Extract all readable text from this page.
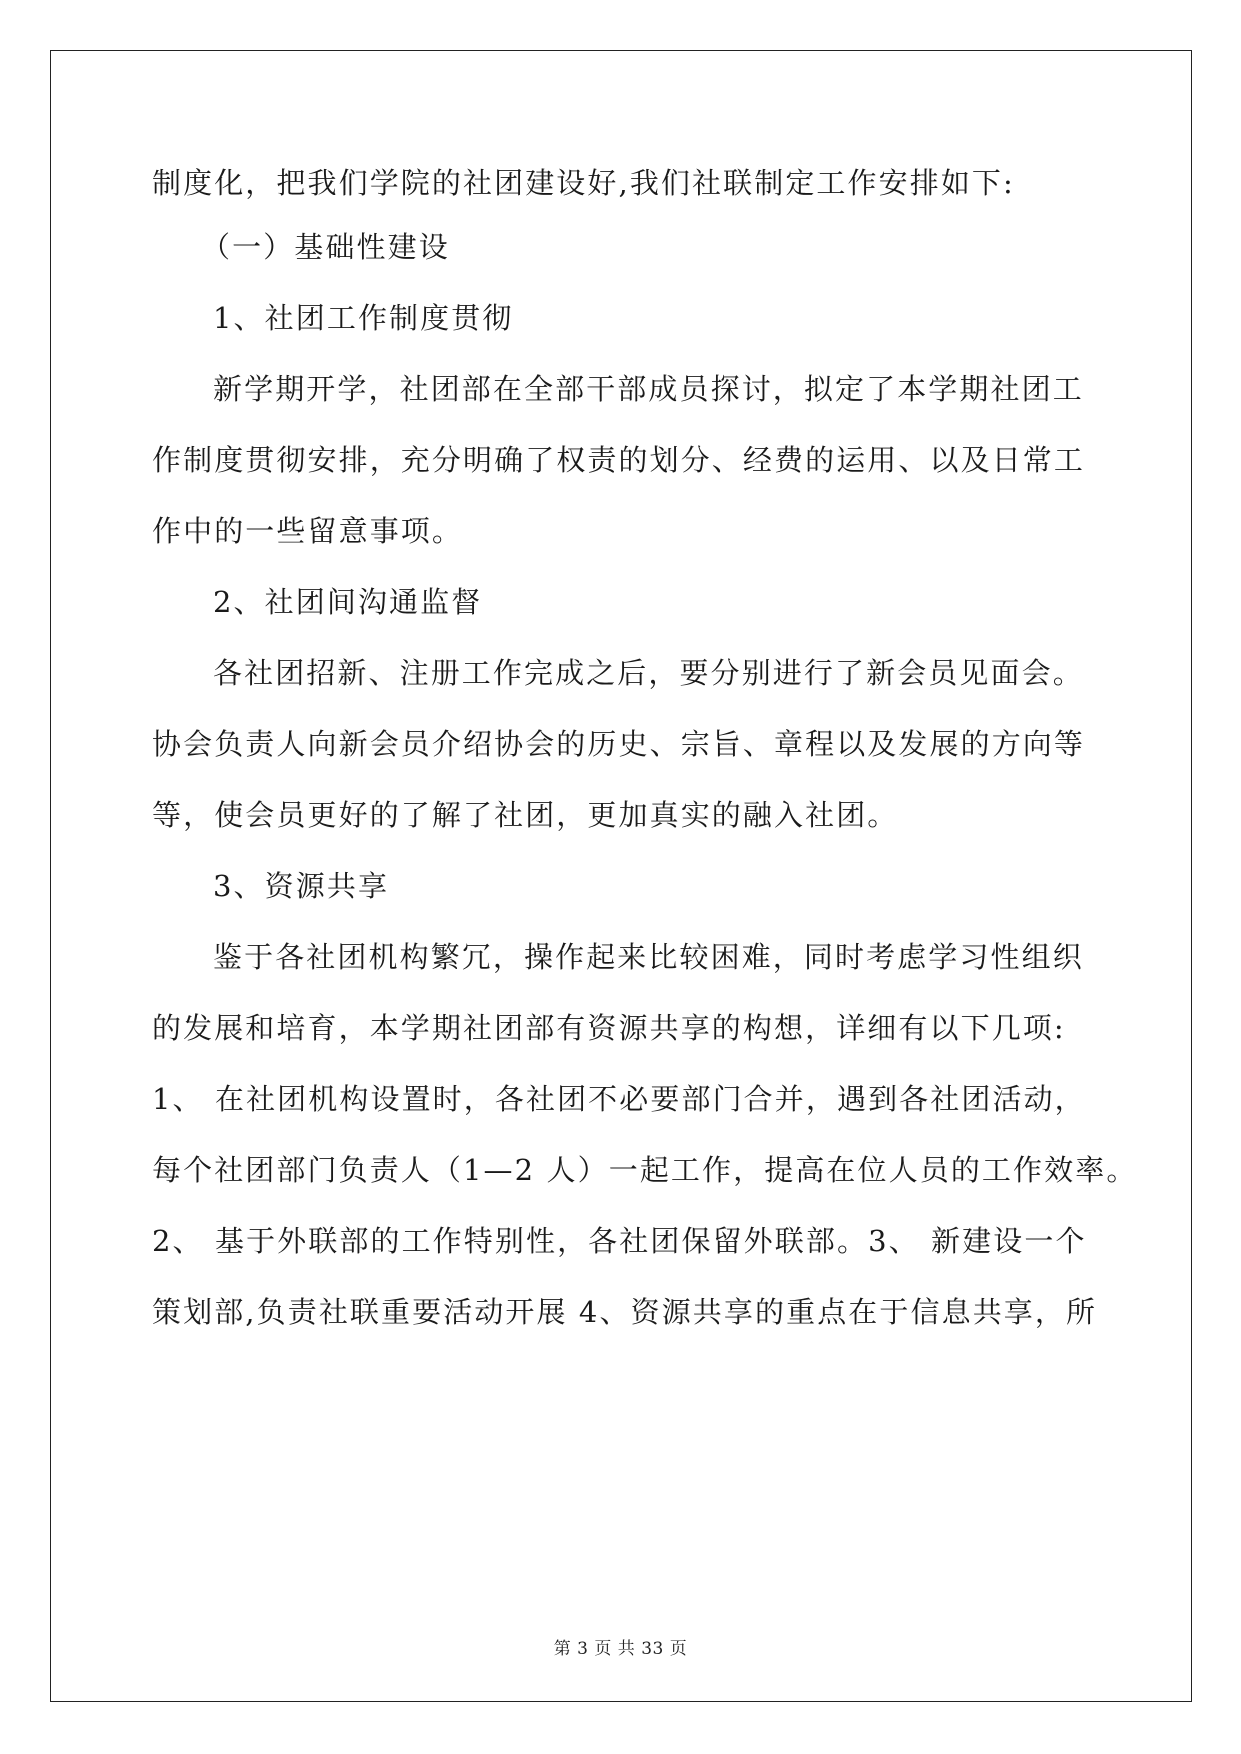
制度化，把我们学院的社团建设好,我们社联制定工作安排如下:
（一）基础性建设
1、社团工作制度贯彻
新学期开学，社团部在全部干部成员探讨，拟定了本学期社团工
作制度贯彻安排，充分明确了权责的划分、经费的运用、以及日常工
作中的一些留意事项。
2、社团间沟通监督
各社团招新、注册工作完成之后，要分别进行了新会员见面会。
协会负责人向新会员介绍协会的历史、宗旨、章程以及发展的方向等
等，使会员更好的了解了社团，更加真实的融入社团。
3、资源共享
鉴于各社团机构繁冗，操作起来比较困难，同时考虑学习性组织
的发展和培育，本学期社团部有资源共享的构想，详细有以下几项:
1、 在社团机构设置时，各社团不必要部门合并，遇到各社团活动，
每个社团部门负责人（1—2 人）一起工作，提高在位人员的工作效率。
2、 基于外联部的工作特别性，各社团保留外联部。3、 新建设一个
策划部,负责社联重要活动开展 4、资源共享的重点在于信息共享，所
第 3 页 共 33 页
